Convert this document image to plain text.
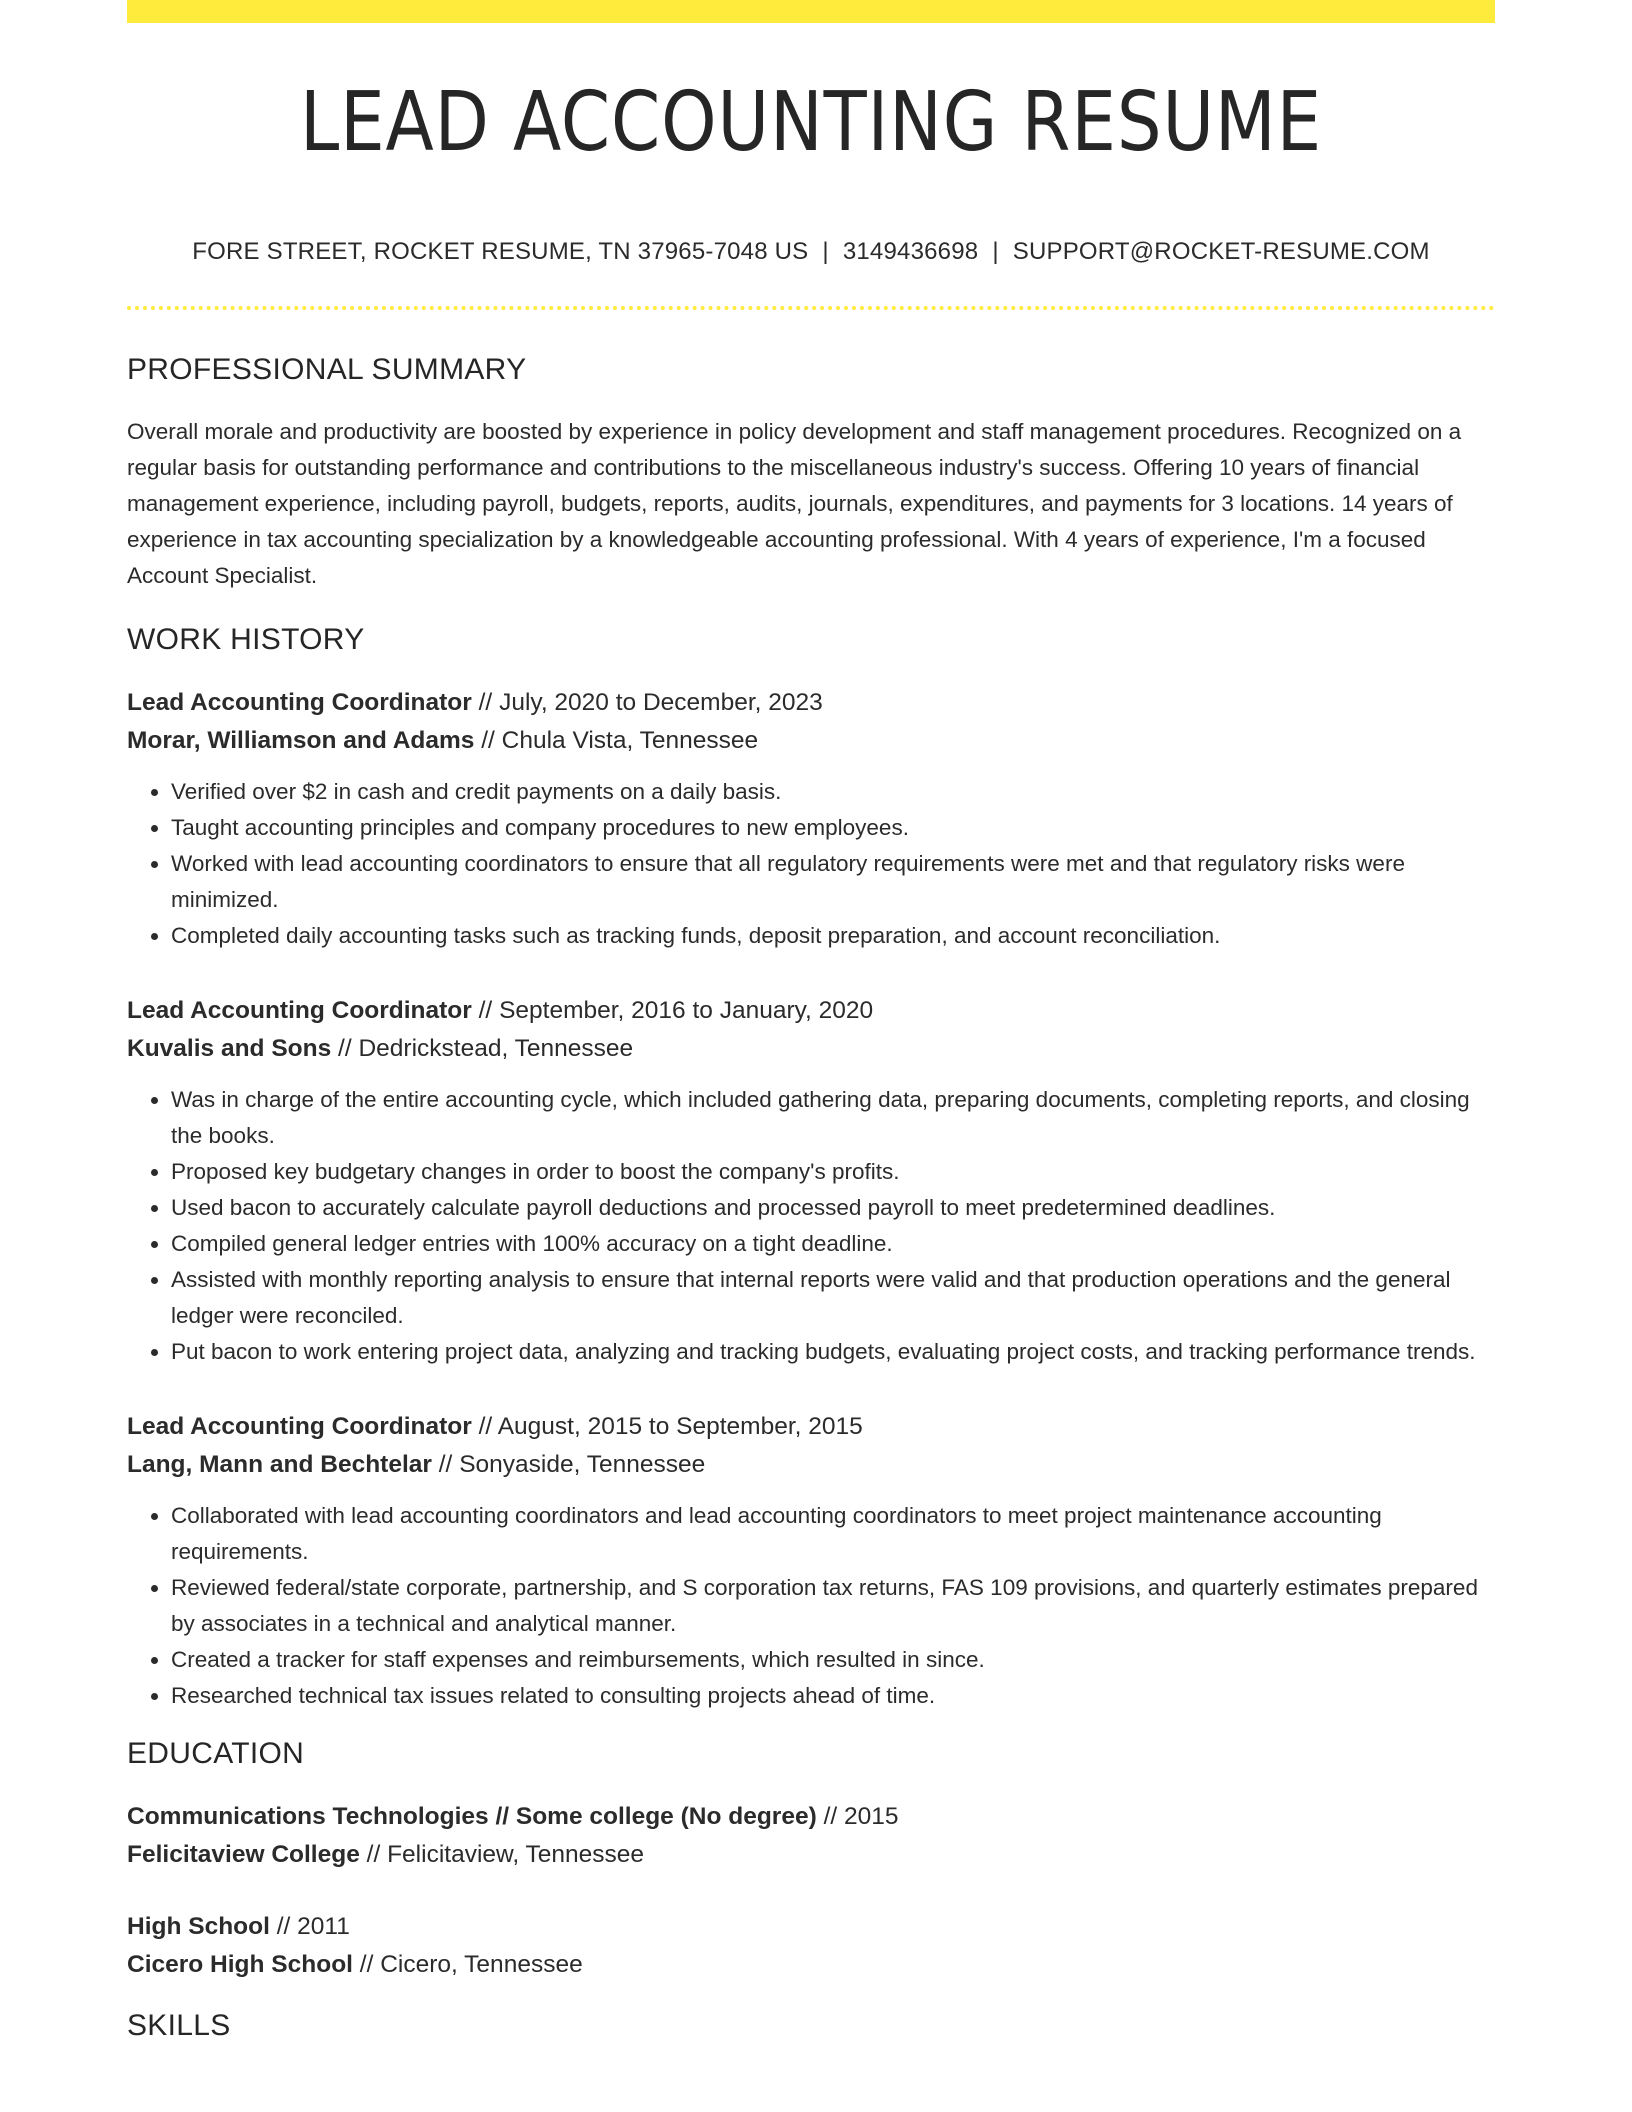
LEAD ACCOUNTING RESUME
FORE STREET, ROCKET RESUME, TN 37965-7048 US | 3149436698 | SUPPORT@ROCKET-RESUME.COM
PROFESSIONAL SUMMARY

Overall morale and productivity are boosted by experience in policy development and staff management procedures. Recognized on a regular basis for outstanding performance and contributions to the miscellaneous industry's success. Offering 10 years of financial management experience, including payroll, budgets, reports, audits, journals, expenditures, and payments for 3 locations. 14 years of experience in tax accounting specialization by a knowledgeable accounting professional. With 4 years of experience, I'm a focused Account Specialist.

WORK HISTORY
Lead Accounting Coordinator // July, 2020 to December, 2023
Morar, Williamson and Adams // Chula Vista, Tennessee
• Verified over $2 in cash and credit payments on a daily basis.
• Taught accounting principles and company procedures to new employees.
• Worked with lead accounting coordinators to ensure that all regulatory requirements were met and that regulatory risks were minimized.
• Completed daily accounting tasks such as tracking funds, deposit preparation, and account reconciliation.
Lead Accounting Coordinator // September, 2016 to January, 2020
Kuvalis and Sons // Dedrickstead, Tennessee
• Was in charge of the entire accounting cycle, which included gathering data, preparing documents, completing reports, and closing the books.
• Proposed key budgetary changes in order to boost the company's profits.
• Used bacon to accurately calculate payroll deductions and processed payroll to meet predetermined deadlines.
• Compiled general ledger entries with 100% accuracy on a tight deadline.
• Assisted with monthly reporting analysis to ensure that internal reports were valid and that production operations and the general ledger were reconciled.
• Put bacon to work entering project data, analyzing and tracking budgets, evaluating project costs, and tracking performance trends.
Lead Accounting Coordinator // August, 2015 to September, 2015
Lang, Mann and Bechtelar // Sonyaside, Tennessee
• Collaborated with lead accounting coordinators and lead accounting coordinators to meet project maintenance accounting requirements.
• Reviewed federal/state corporate, partnership, and S corporation tax returns, FAS 109 provisions, and quarterly estimates prepared by associates in a technical and analytical manner.
• Created a tracker for staff expenses and reimbursements, which resulted in since.
• Researched technical tax issues related to consulting projects ahead of time.
EDUCATION
Communications Technologies // Some college (No degree) // 2015
Felicitaview College // Felicitaview, Tennessee
High School // 2011
Cicero High School // Cicero, Tennessee
SKILLS
